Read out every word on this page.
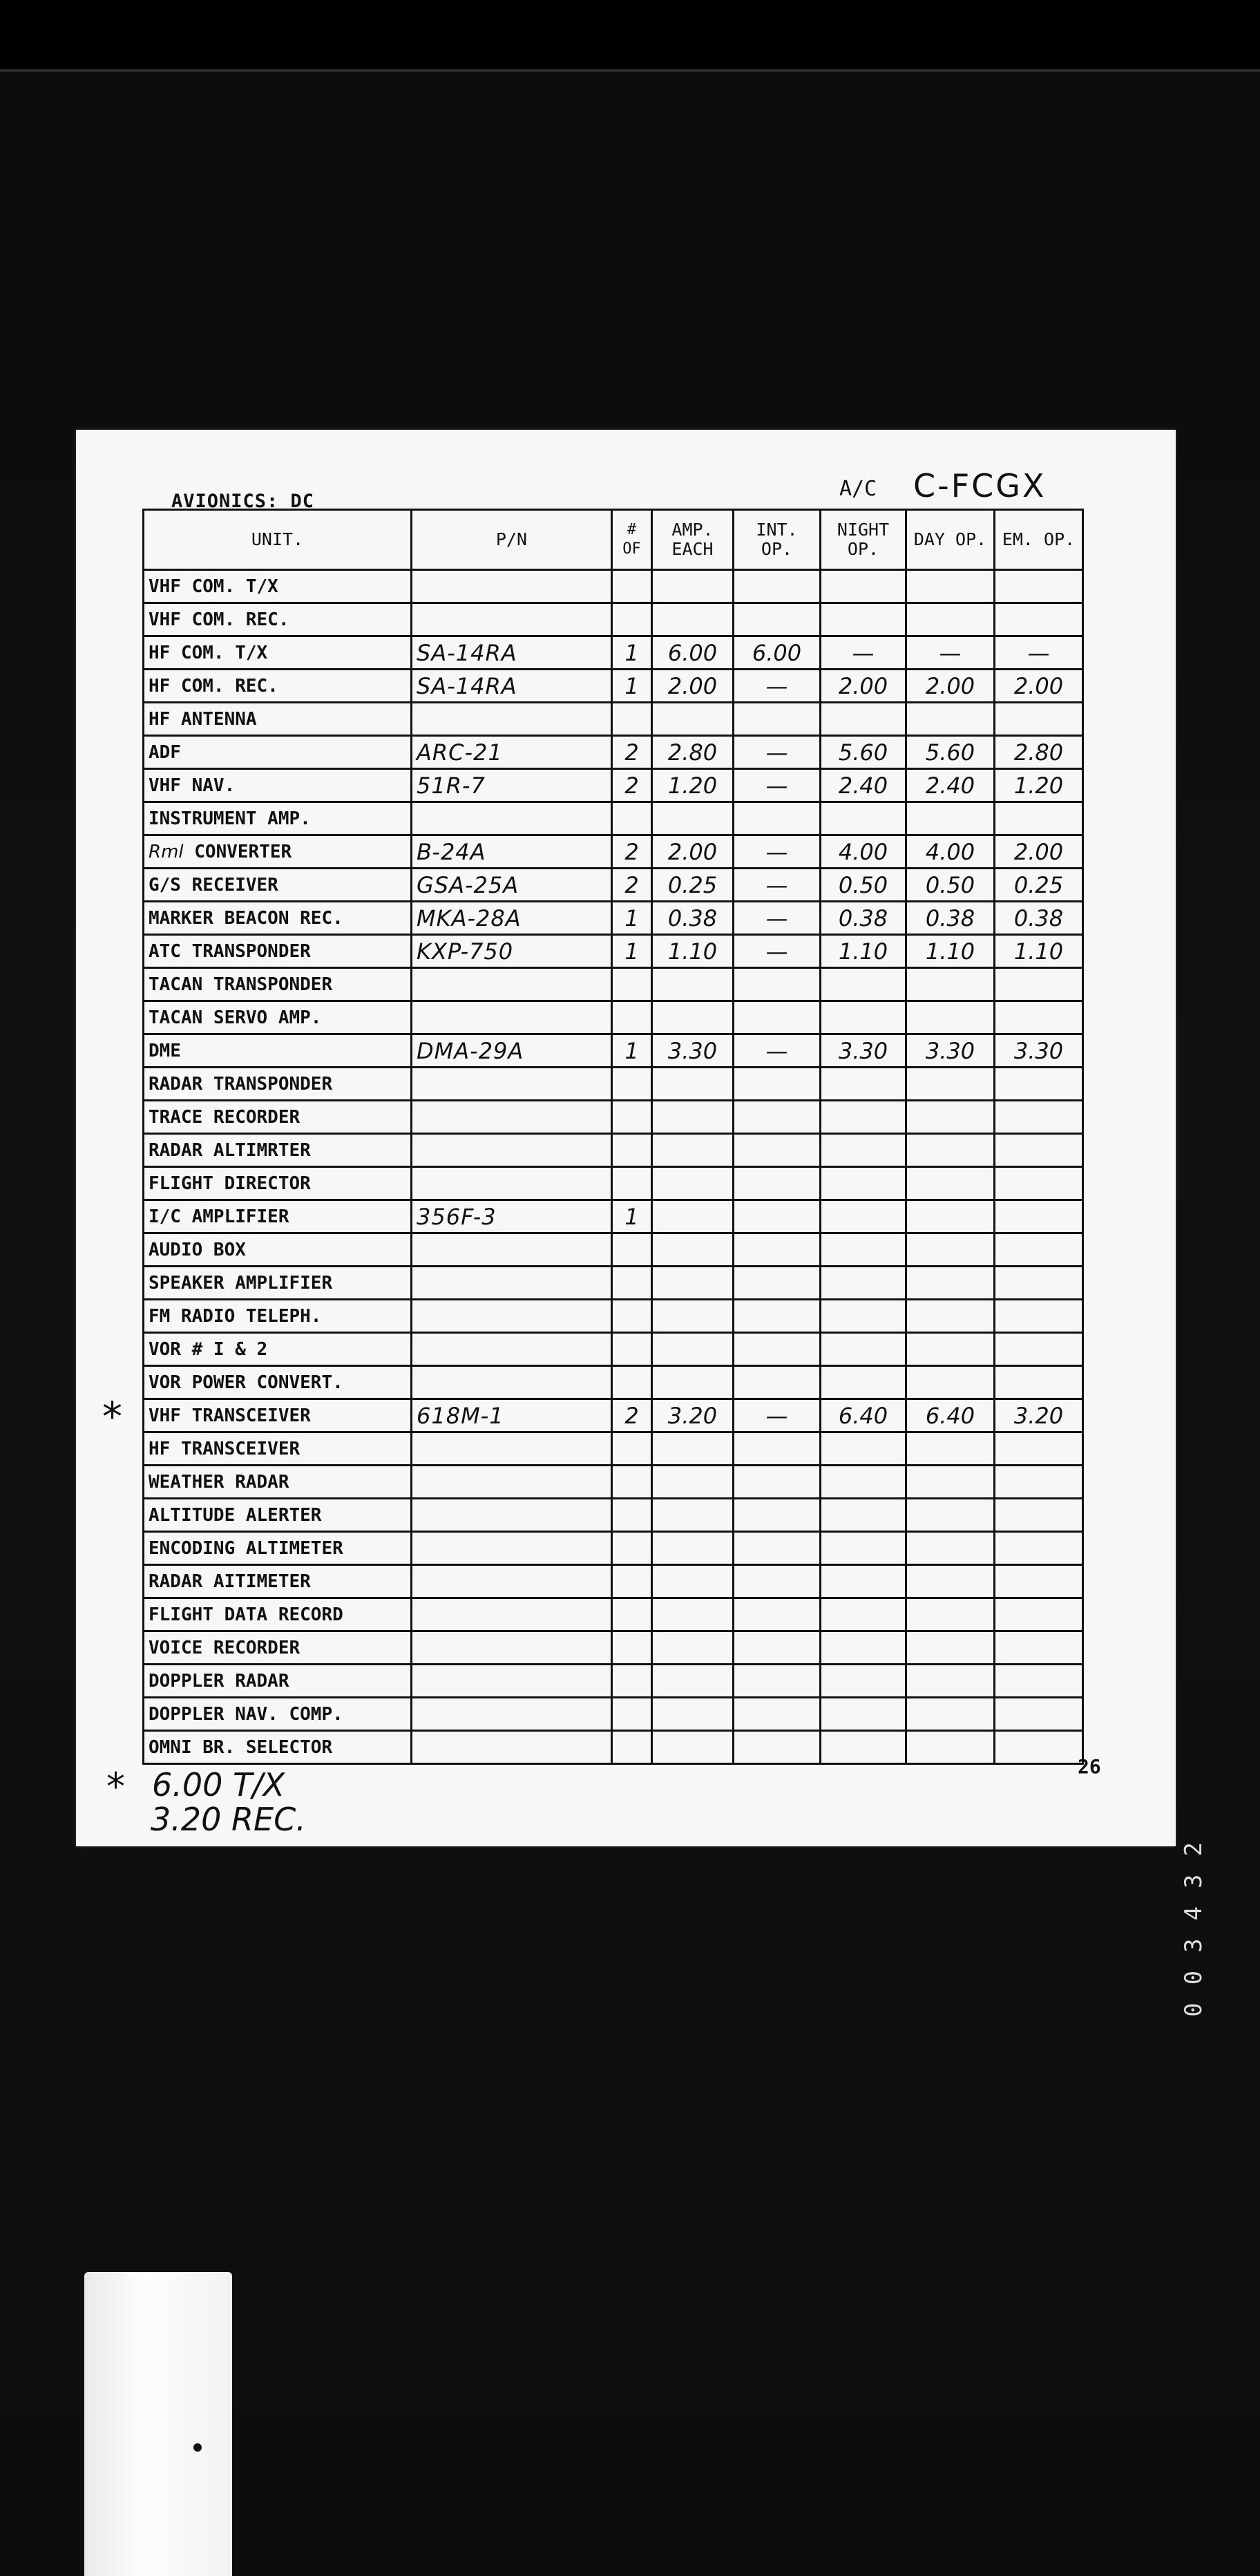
AVIONICS: DC
A/C C-FCGX
UNIT.	P/N	# OF	AMP. EACH	INT. OP.	NIGHT OP.	DAY OP.	EM. OP.
VHF COM. T/X							
VHF COM. REC.							
HF COM. T/X	SA-14RA	1	6.00	6.00	—	—	—
HF COM. REC.	SA-14RA	1	2.00	—	2.00	2.00	2.00
HF ANTENNA							
ADF	ARC-21	2	2.80	—	5.60	5.60	2.80
VHF NAV.	51R-7	2	1.20	—	2.40	2.40	1.20
INSTRUMENT AMP.							
Rml CONVERTER	B-24A	2	2.00	—	4.00	4.00	2.00
G/S RECEIVER	GSA-25A	2	0.25	—	0.50	0.50	0.25
MARKER BEACON REC.	MKA-28A	1	0.38	—	0.38	0.38	0.38
ATC TRANSPONDER	KXP-750	1	1.10	—	1.10	1.10	1.10
TACAN TRANSPONDER							
TACAN SERVO AMP.							
DME	DMA-29A	1	3.30	—	3.30	3.30	3.30
RADAR TRANSPONDER							
TRACE RECORDER							
RADAR ALTIMRTER							
FLIGHT DIRECTOR							
I/C AMPLIFIER	356F-3	1					
AUDIO BOX							
SPEAKER AMPLIFIER							
FM RADIO TELEPH.							
VOR # I & 2							
VOR POWER CONVERT.							
VHF TRANSCEIVER	618M-1	2	3.20	—	6.40	6.40	3.20
HF TRANSCEIVER							
WEATHER RADAR							
ALTITUDE ALERTER							
ENCODING ALTIMETER							
RADAR AITIMETER							
FLIGHT DATA RECORD							
VOICE RECORDER							
DOPPLER RADAR							
DOPPLER NAV. COMP.							
OMNI BR. SELECTOR							
*
26
* 6.00 T/X
3.20 REC.
003432
